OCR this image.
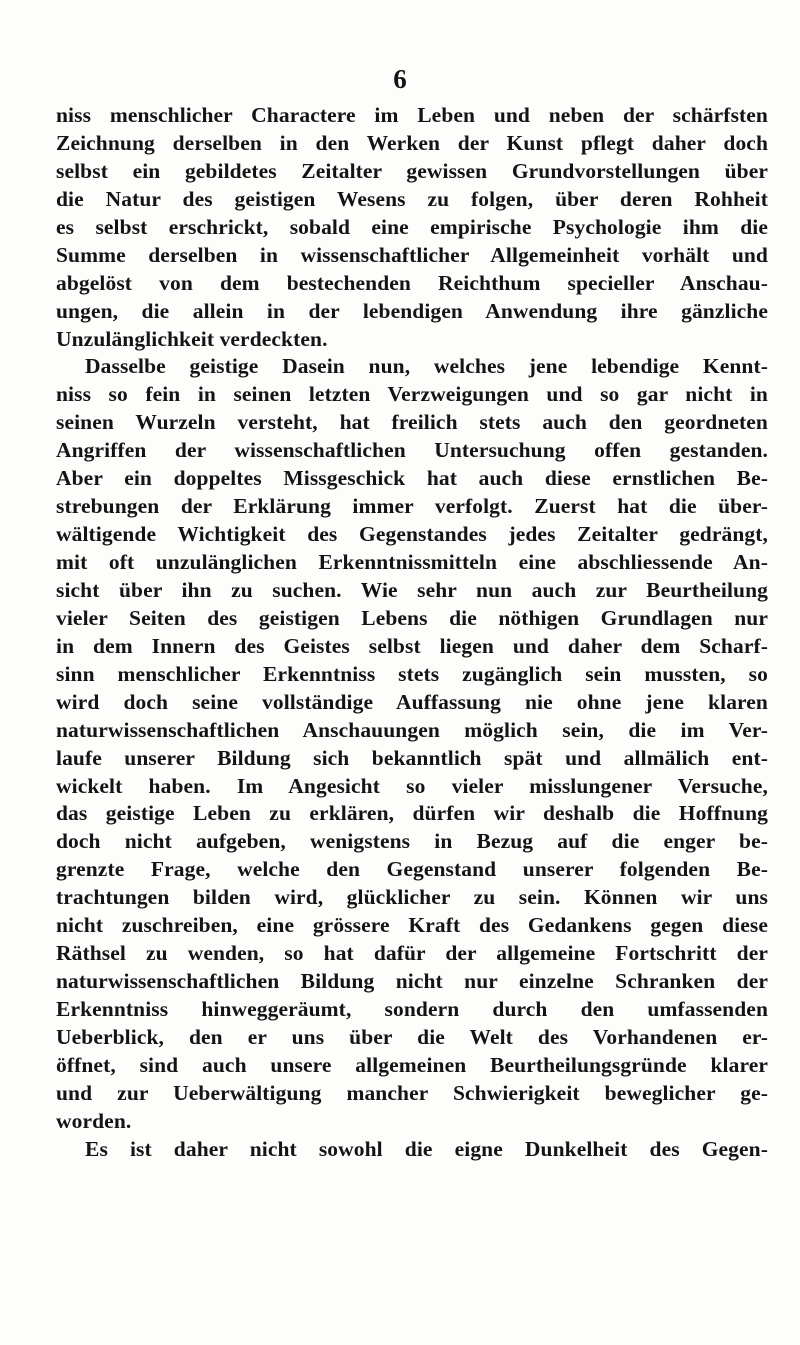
6
niss menschlicher Charactere im Leben und neben der schärfsten
Zeichnung derselben in den Werken der Kunst pflegt daher doch
selbst ein gebildetes Zeitalter gewissen Grundvorstellungen über
die Natur des geistigen Wesens zu folgen, über deren Rohheit
es selbst erschrickt, sobald eine empirische Psychologie ihm die
Summe derselben in wissenschaftlicher Allgemeinheit vorhält und
abgelöst von dem bestechenden Reichthum specieller Anschau-
ungen, die allein in der lebendigen Anwendung ihre gänzliche
Unzulänglichkeit verdeckten.
Dasselbe geistige Dasein nun, welches jene lebendige Kennt-
niss so fein in seinen letzten Verzweigungen und so gar nicht in
seinen Wurzeln versteht, hat freilich stets auch den geordneten
Angriffen der wissenschaftlichen Untersuchung offen gestanden.
Aber ein doppeltes Missgeschick hat auch diese ernstlichen Be-
strebungen der Erklärung immer verfolgt. Zuerst hat die über-
wältigende Wichtigkeit des Gegenstandes jedes Zeitalter gedrängt,
mit oft unzulänglichen Erkenntnissmitteln eine abschliessende An-
sicht über ihn zu suchen. Wie sehr nun auch zur Beurtheilung
vieler Seiten des geistigen Lebens die nöthigen Grundlagen nur
in dem Innern des Geistes selbst liegen und daher dem Scharf-
sinn menschlicher Erkenntniss stets zugänglich sein mussten, so
wird doch seine vollständige Auffassung nie ohne jene klaren
naturwissenschaftlichen Anschauungen möglich sein, die im Ver-
laufe unserer Bildung sich bekanntlich spät und allmälich ent-
wickelt haben. Im Angesicht so vieler misslungener Versuche,
das geistige Leben zu erklären, dürfen wir deshalb die Hoffnung
doch nicht aufgeben, wenigstens in Bezug auf die enger be-
grenzte Frage, welche den Gegenstand unserer folgenden Be-
trachtungen bilden wird, glücklicher zu sein. Können wir uns
nicht zuschreiben, eine grössere Kraft des Gedankens gegen diese
Räthsel zu wenden, so hat dafür der allgemeine Fortschritt der
naturwissenschaftlichen Bildung nicht nur einzelne Schranken der
Erkenntniss hinweggeräumt, sondern durch den umfassenden
Ueberblick, den er uns über die Welt des Vorhandenen er-
öffnet, sind auch unsere allgemeinen Beurtheilungsgründe klarer
und zur Ueberwältigung mancher Schwierigkeit beweglicher ge-
worden.
Es ist daher nicht sowohl die eigne Dunkelheit des Gegen-
